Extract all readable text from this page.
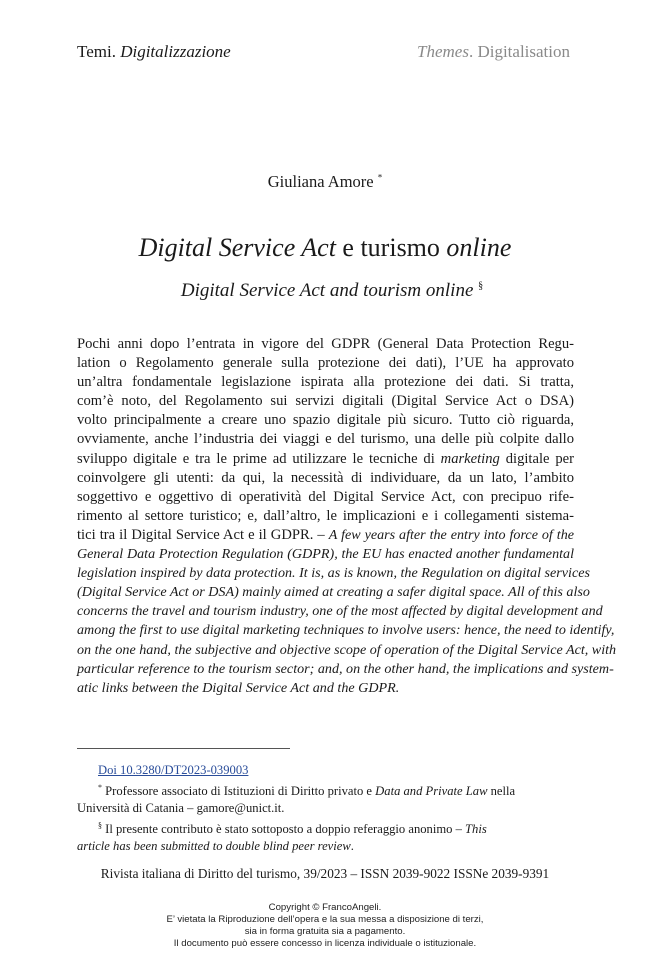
Temi. Digitalizzazione	Themes. Digitalisation
Giuliana Amore *
Digital Service Act e turismo online
Digital Service Act and tourism online §
Pochi anni dopo l’entrata in vigore del GDPR (General Data Protection Regu-
lation o Regolamento generale sulla protezione dei dati), l’UE ha approvato
un’altra fondamentale legislazione ispirata alla protezione dei dati. Si tratta,
com’è noto, del Regolamento sui servizi digitali (Digital Service Act o DSA)
volto principalmente a creare uno spazio digitale più sicuro. Tutto ciò riguarda,
ovviamente, anche l’industria dei viaggi e del turismo, una delle più colpite dallo
sviluppo digitale e tra le prime ad utilizzare le tecniche di marketing digitale per
coinvolgere gli utenti: da qui, la necessità di individuare, da un lato, l’ambito
soggettivo e oggettivo di operatività del Digital Service Act, con precipuo rife-
rimento al settore turistico; e, dall’altro, le implicazioni e i collegamenti sistema-
tici tra il Digital Service Act e il GDPR. – A few years after the entry into force of the
General Data Protection Regulation (GDPR), the EU has enacted another fundamental
legislation inspired by data protection. It is, as is known, the Regulation on digital services
(Digital Service Act or DSA) mainly aimed at creating a safer digital space. All of this also
concerns the travel and tourism industry, one of the most affected by digital development and
among the first to use digital marketing techniques to involve users: hence, the need to identify,
on the one hand, the subjective and objective scope of operation of the Digital Service Act, with
particular reference to the tourism sector; and, on the other hand, the implications and system-
atic links between the Digital Service Act and the GDPR.
Doi 10.3280/DT2023-039003
* Professore associato di Istituzioni di Diritto privato e Data and Private Law nella
Università di Catania – gamore@unict.it.
§ Il presente contributo è stato sottoposto a doppio referaggio anonimo – This
article has been submitted to double blind peer review.
Rivista italiana di Diritto del turismo, 39/2023 – ISSN 2039-9022 ISSNe 2039-9391
Copyright © FrancoAngeli.
E’ vietata la Riproduzione dell’opera e la sua messa a disposizione di terzi,
sia in forma gratuita sia a pagamento.
Il documento può essere concesso in licenza individuale o istituzionale.
